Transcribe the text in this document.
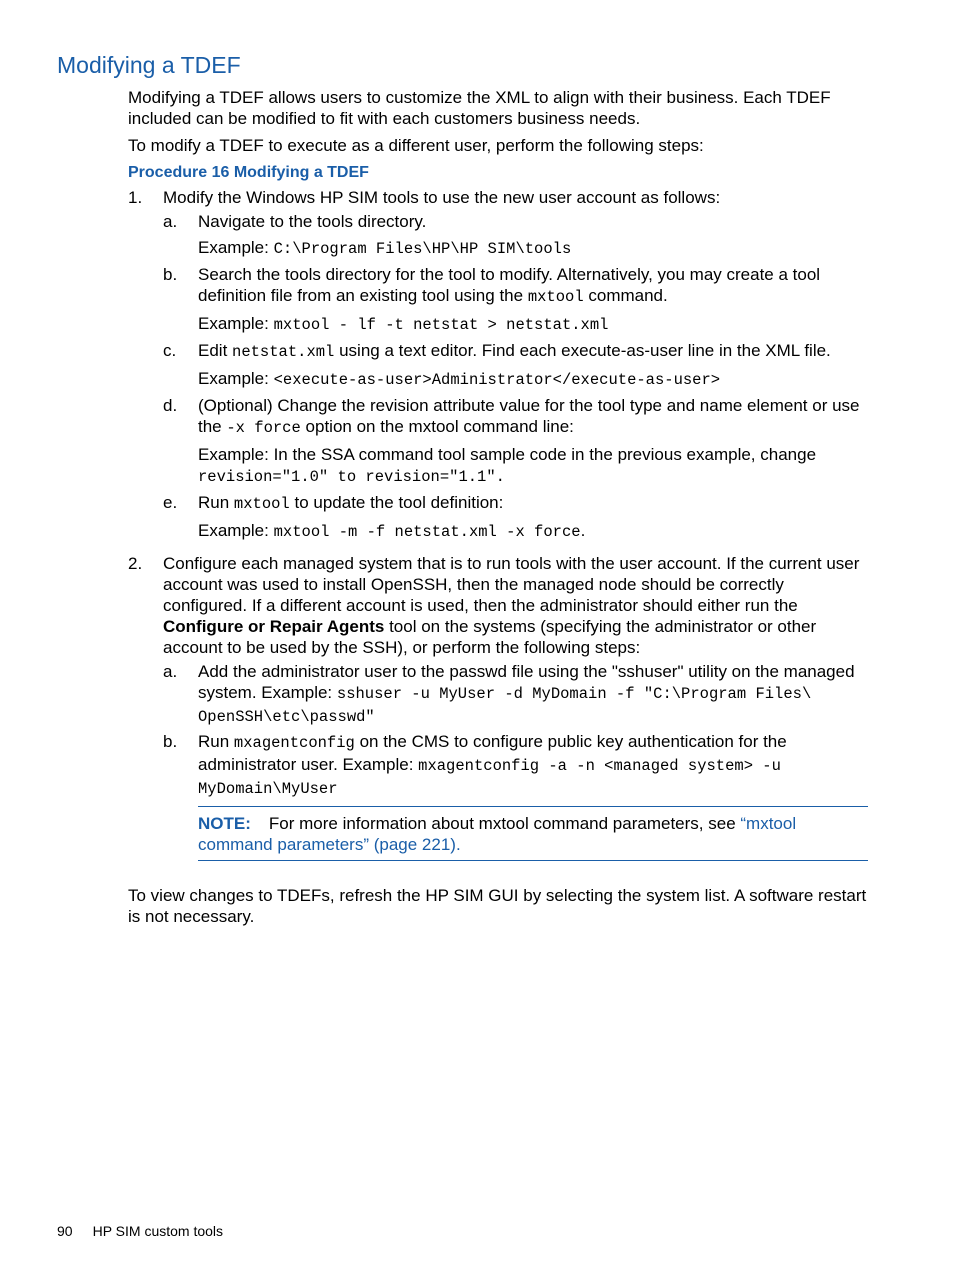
Modifying a TDEF

Modifying a TDEF allows users to customize the XML to align with their business. Each TDEF included can be modified to fit with each customers business needs.

To modify a TDEF to execute as a different user, perform the following steps:

Procedure 16 Modifying a TDEF

1. Modify the Windows HP SIM tools to use the new user account as follows:

a. Navigate to the tools directory.

Example: C:\Program Files\HP\HP SIM\tools

b. Search the tools directory for the tool to modify. Alternatively, you may create a tool definition file from an existing tool using the mxtool command.

Example: mxtool - lf -t netstat > netstat.xml

c. Edit netstat.xml using a text editor. Find each execute-as-user line in the XML file.

Example: <execute-as-user>Administrator</execute-as-user>

d. (Optional) Change the revision attribute value for the tool type and name element or use the -x force option on the mxtool command line:

Example: In the SSA command tool sample code in the previous example, change
revision="1.0" to revision="1.1".

e. Run mxtool to update the tool definition:

Example: mxtool -m -f netstat.xml -x force.

2. Configure each managed system that is to run tools with the user account. If the current user account was used to install OpenSSH, then the managed node should be correctly configured. If a different account is used, then the administrator should either run the Configure or Repair Agents tool on the systems (specifying the administrator or other account to be used by the SSH), or perform the following steps:

a. Add the administrator user to the passwd file using the "sshuser" utility on the managed system. Example: sshuser -u MyUser -d MyDomain -f "C:\Program Files\ OpenSSH\etc\passwd"

b. Run mxagentconfig on the CMS to configure public key authentication for the administrator user. Example: mxagentconfig -a -n <managed system> -u MyDomain\MyUser

NOTE: For more information about mxtool command parameters, see “mxtool command parameters” (page 221).

To view changes to TDEFs, refresh the HP SIM GUI by selecting the system list. A software restart is not necessary.

90 HP SIM custom tools
